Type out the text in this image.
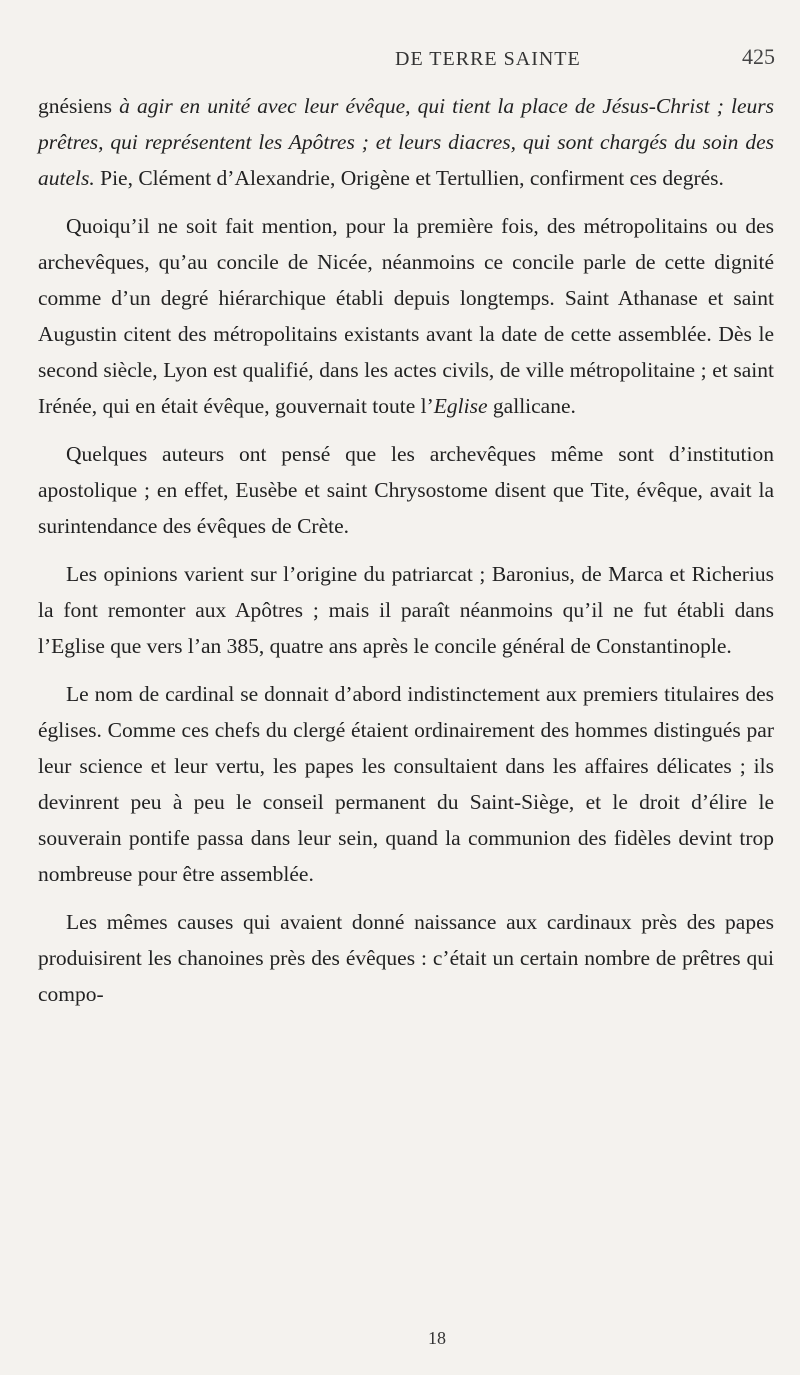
DE TERRE SAINTE	425

gnésiens à agir en unité avec leur évêque, qui tient la place de Jésus-Christ ; leurs prêtres, qui représentent les Apôtres ; et leurs diacres, qui sont chargés du soin des autels. Pie, Clément d’Alexandrie, Origène et Tertullien, confirment ces degrés.

Quoiqu’il ne soit fait mention, pour la première fois, des métropolitains ou des archevêques, qu’au concile de Nicée, néanmoins ce concile parle de cette dignité comme d’un degré hiérarchique établi depuis longtemps. Saint Athanase et saint Augustin citent des métropolitains existants avant la date de cette assemblée. Dès le second siècle, Lyon est qualifié, dans les actes civils, de ville métropolitaine ; et saint Irénée, qui en était évêque, gouvernait toute l’Eglise gallicane.

Quelques auteurs ont pensé que les archevêques même sont d’institution apostolique ; en effet, Eusèbe et saint Chrysostome disent que Tite, évêque, avait la surintendance des évêques de Crète.

Les opinions varient sur l’origine du patriarcat ; Baronius, de Marca et Richerius la font remonter aux Apôtres ; mais il paraît néanmoins qu’il ne fut établi dans l’Eglise que vers l’an 385, quatre ans après le concile général de Constantinople.

Le nom de cardinal se donnait d’abord indistinctement aux premiers titulaires des églises. Comme ces chefs du clergé étaient ordinairement des hommes distingués par leur science et leur vertu, les papes les consultaient dans les affaires délicates ; ils devinrent peu à peu le conseil permanent du Saint-Siège, et le droit d’élire le souverain pontife passa dans leur sein, quand la communion des fidèles devint trop nombreuse pour être assemblée.

Les mêmes causes qui avaient donné naissance aux cardinaux près des papes produisirent les chanoines près des évêques : c’était un certain nombre de prêtres qui compo-

18
